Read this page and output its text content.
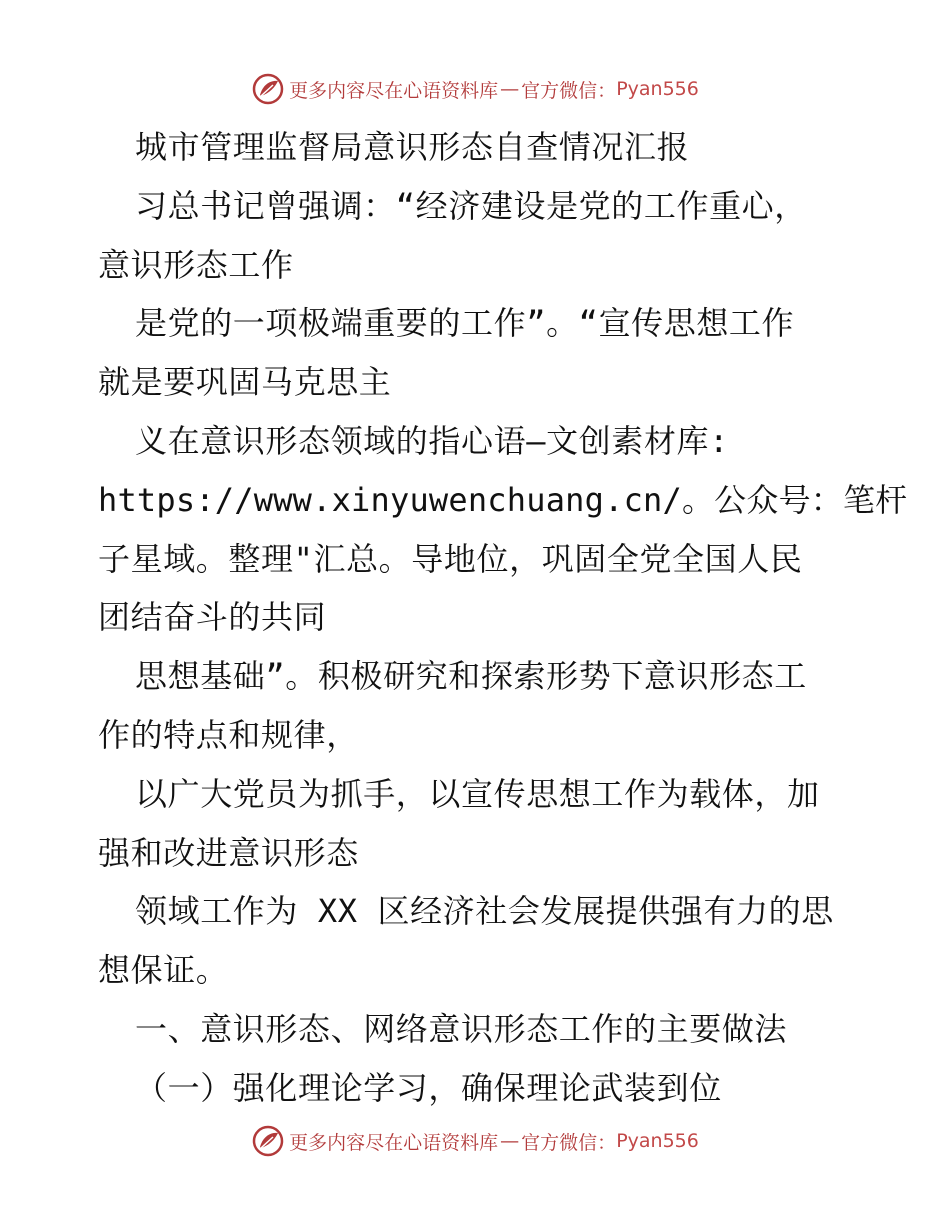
更多内容尽在心语资料库 — 官方微信： Pyan556
城市管理监督局意识形态自查情况汇报
习总书记曾强调：“经济建设是党的工作重心，
意识形态工作
是党的一项极端重要的工作”。“宣传思想工作
就是要巩固马克思主
义在意识形态领域的指心语—文创素材库:
https://www.xinyuwenchuang.cn/。公众号：笔杆
子星域。整理"汇总。导地位，巩固全党全国人民
团结奋斗的共同
思想基础”。积极研究和探索形势下意识形态工
作的特点和规律，
以广大党员为抓手，以宣传思想工作为载体，加
强和改进意识形态
领域工作为 XX 区经济社会发展提供强有力的思
想保证。
一、意识形态、网络意识形态工作的主要做法
（一）强化理论学习，确保理论武装到位
更多内容尽在心语资料库 — 官方微信： Pyan556
